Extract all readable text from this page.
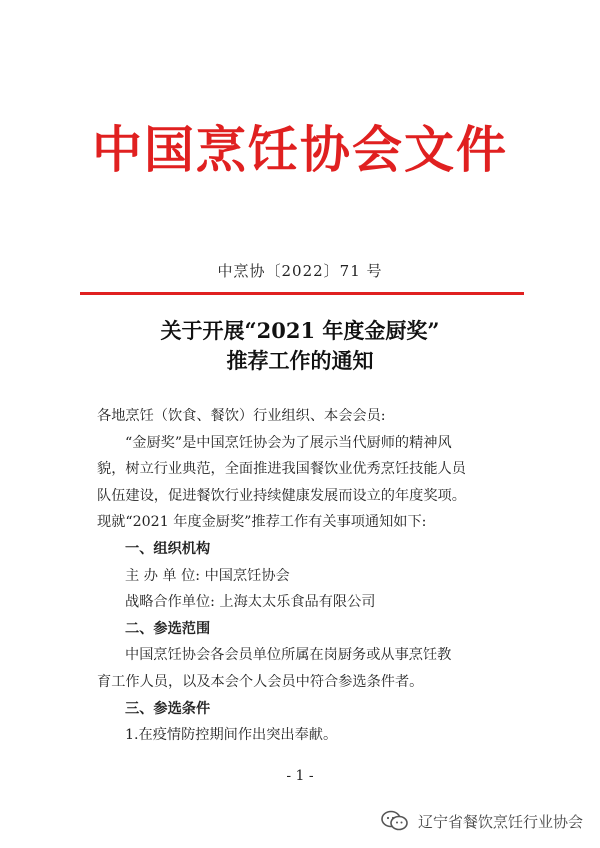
中国烹饪协会文件
中烹协〔2022〕71 号
关于开展“2021 年度金厨奖”
推荐工作的通知
各地烹饪（饮食、餐饮）行业组织、本会会员:
“金厨奖”是中国烹饪协会为了展示当代厨师的精神风
貌，树立行业典范，全面推进我国餐饮业优秀烹饪技能人员
队伍建设，促进餐饮行业持续健康发展而设立的年度奖项。
现就“2021 年度金厨奖”推荐工作有关事项通知如下:
一、组织机构
主 办 单 位: 中国烹饪协会
战略合作单位: 上海太太乐食品有限公司
二、参选范围
中国烹饪协会各会员单位所属在岗厨务或从事烹饪教
育工作人员，以及本会个人会员中符合参选条件者。
三、参选条件
1.在疫情防控期间作出突出奉献。
- 1 -
辽宁省餐饮烹饪行业协会
